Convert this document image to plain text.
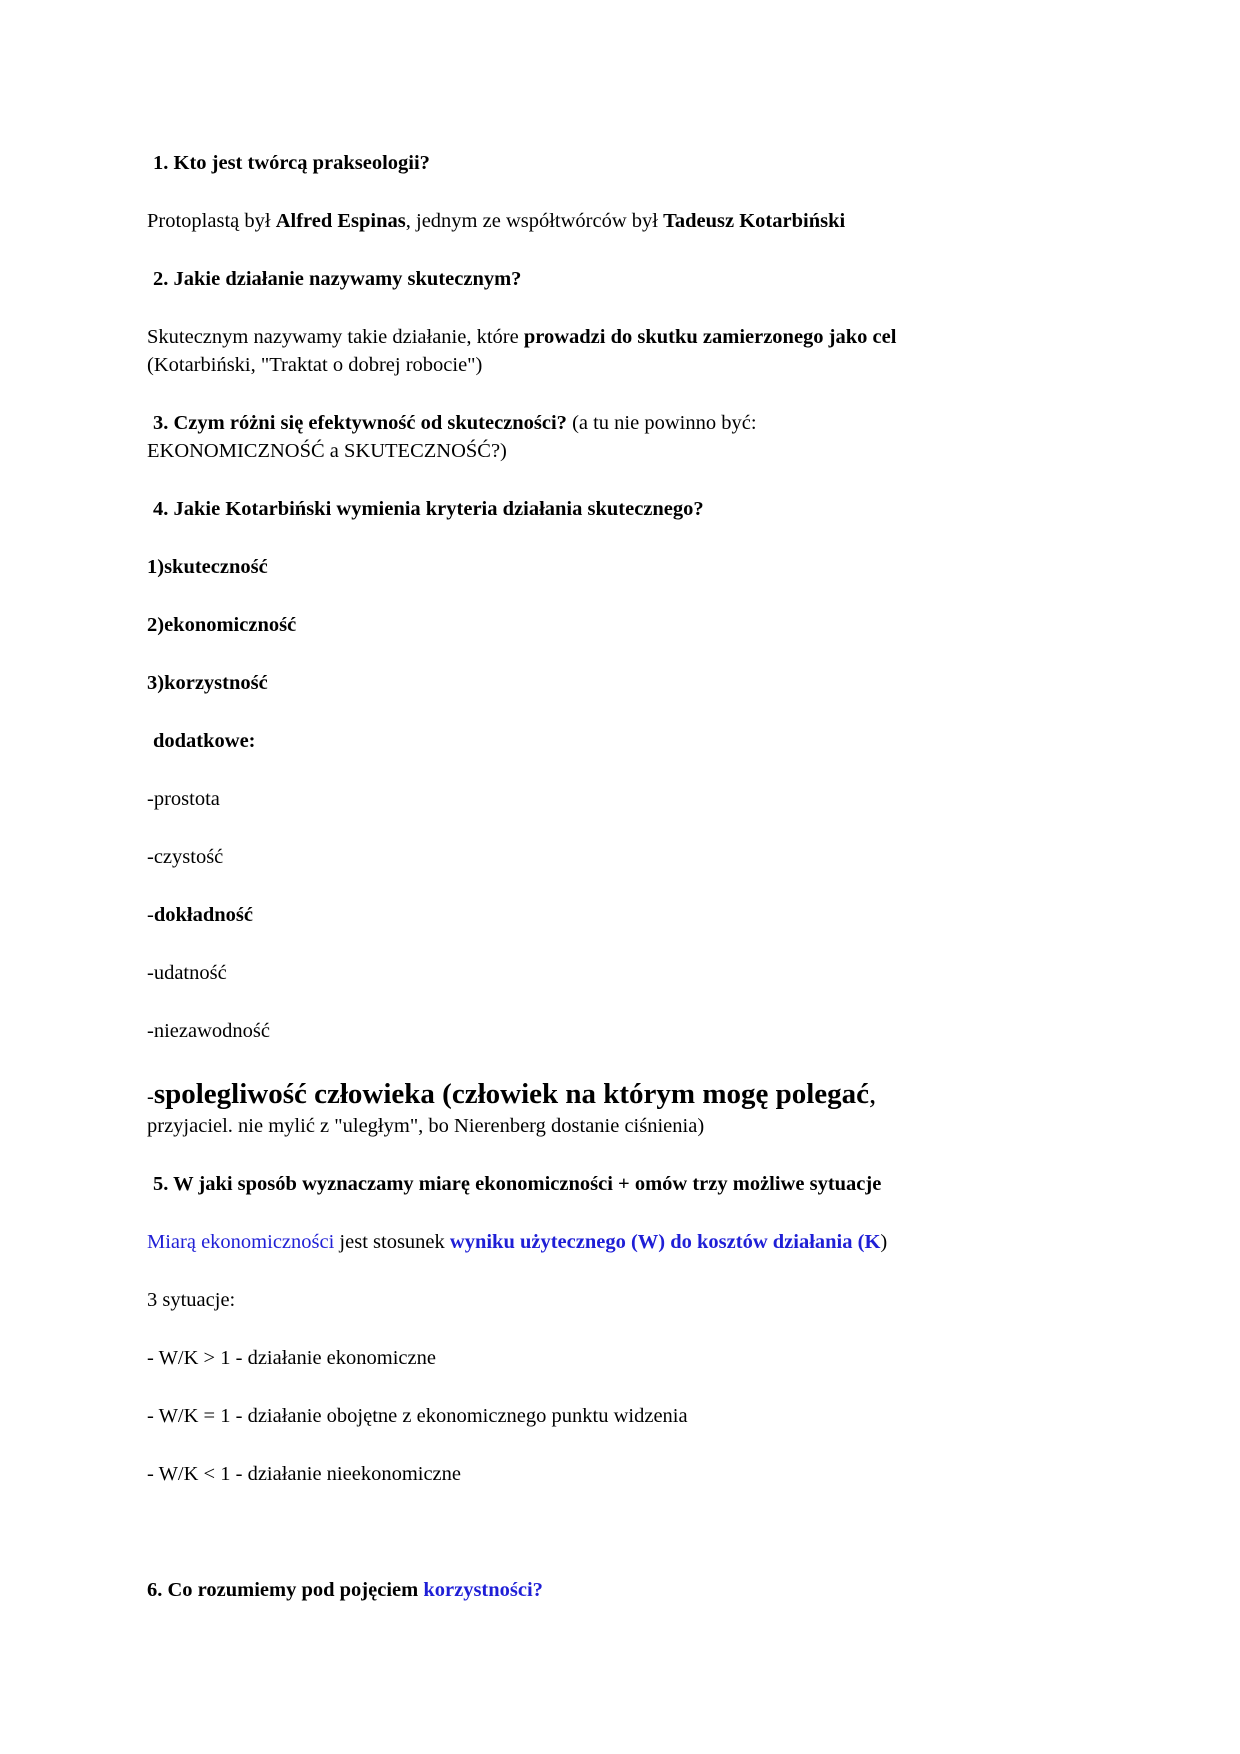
1. Kto jest twórcą prakseologii?
Protoplastą był Alfred Espinas, jednym ze współtwórców był Tadeusz Kotarbiński
2. Jakie działanie nazywamy skutecznym?
Skutecznym nazywamy takie działanie, które prowadzi do skutku zamierzonego jako cel
(Kotarbiński, "Traktat o dobrej robocie")
3. Czym różni się efektywność od skuteczności? (a tu nie powinno być:
EKONOMICZNOŚĆ a SKUTECZNOŚĆ?)
4. Jakie Kotarbiński wymienia kryteria działania skutecznego?
1)skuteczność
2)ekonomiczność
3)korzystność
dodatkowe:
-prostota
-czystość
-dokładność
-udatność
-niezawodność
-spolegliwość człowieka (człowiek na którym mogę polegać,
przyjaciel. nie mylić z "uległym", bo Nierenberg dostanie ciśnienia)
5. W jaki sposób wyznaczamy miarę ekonomiczności + omów trzy możliwe sytuacje
Miarą ekonomiczności jest stosunek wyniku użytecznego (W) do kosztów działania (K)
3 sytuacje:
- W/K > 1 - działanie ekonomiczne
- W/K = 1 - działanie obojętne z ekonomicznego punktu widzenia
- W/K < 1 - działanie nieekonomiczne
6. Co rozumiemy pod pojęciem korzystności?
